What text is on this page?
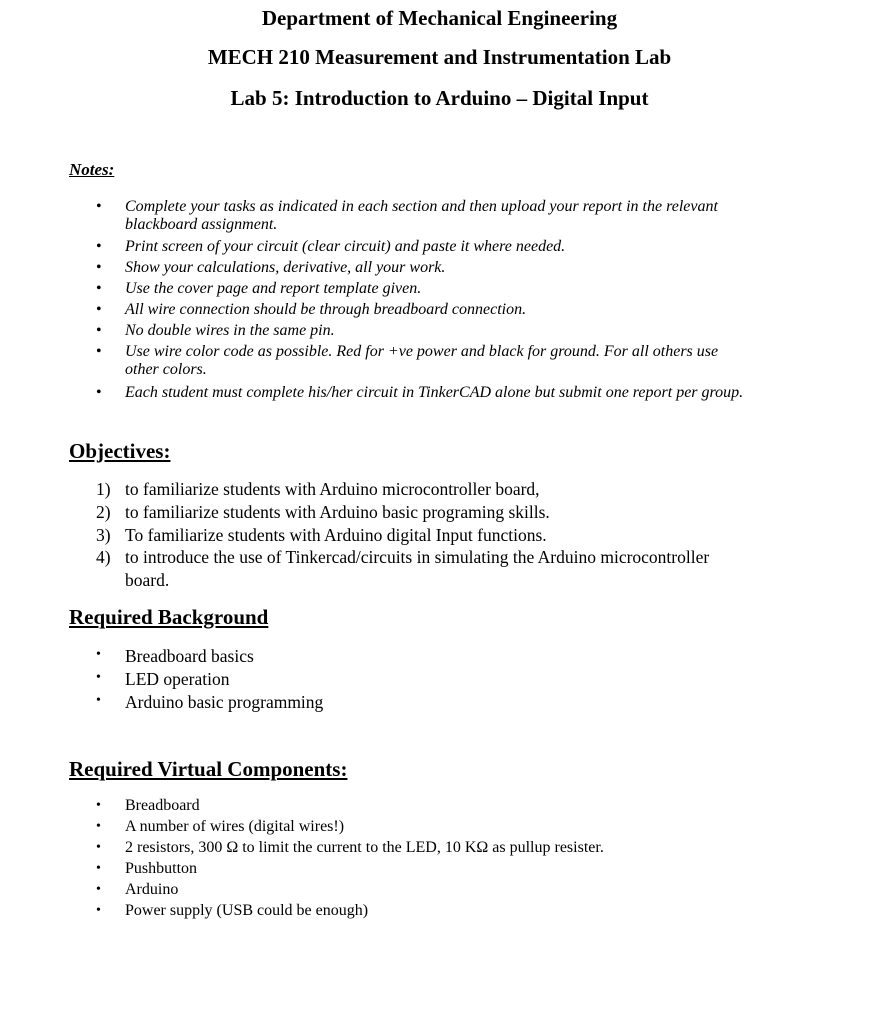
Department of Mechanical Engineering
MECH 210 Measurement and Instrumentation Lab
Lab 5: Introduction to Arduino – Digital Input
Notes:
• Complete your tasks as indicated in each section and then upload your report in the relevant
blackboard assignment.
• Print screen of your circuit (clear circuit) and paste it where needed.
• Show your calculations, derivative, all your work.
• Use the cover page and report template given.
• All wire connection should be through breadboard connection.
• No double wires in the same pin.
• Use wire color code as possible. Red for +ve power and black for ground. For all others use
other colors.
• Each student must complete his/her circuit in TinkerCAD alone but submit one report per group.
Objectives:
1) to familiarize students with Arduino microcontroller board,
2) to familiarize students with Arduino basic programing skills.
3) To familiarize students with Arduino digital Input functions.
4) to introduce the use of Tinkercad/circuits in simulating the Arduino microcontroller
board.
Required Background
• Breadboard basics
• LED operation
• Arduino basic programming
Required Virtual Components:
• Breadboard
• A number of wires (digital wires!)
• 2 resistors, 300 Ω to limit the current to the LED, 10 KΩ as pullup resister.
• Pushbutton
• Arduino
• Power supply (USB could be enough)
